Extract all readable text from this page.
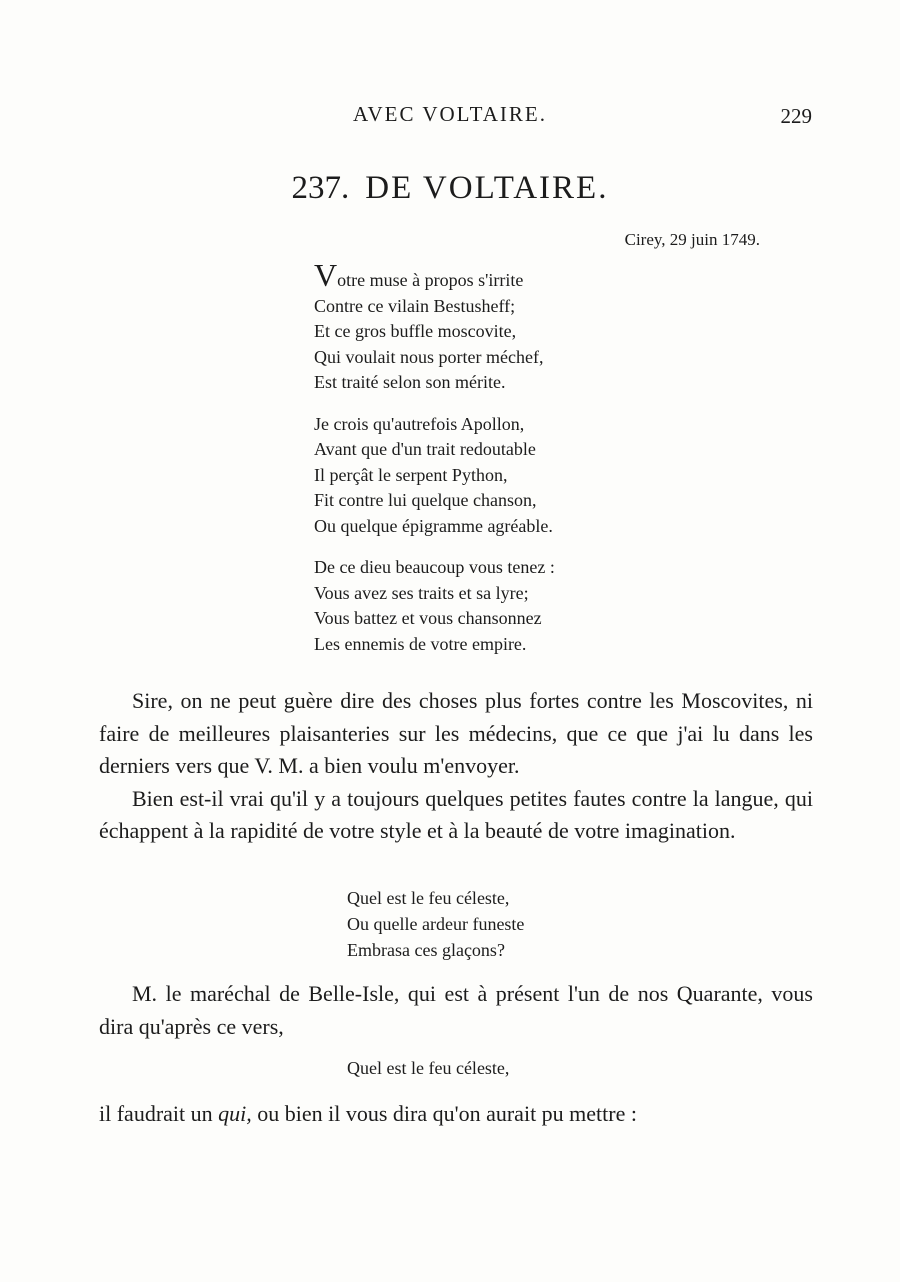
AVEC VOLTAIRE.	229
237. DE VOLTAIRE.
Cirey, 29 juin 1749.
Votre muse à propos s'irrite
Contre ce vilain Bestusheff;
Et ce gros buffle moscovite,
Qui voulait nous porter méchef,
Est traité selon son mérite.
Je crois qu'autrefois Apollon,
Avant que d'un trait redoutable
Il perçât le serpent Python,
Fit contre lui quelque chanson,
Ou quelque épigramme agréable.
De ce dieu beaucoup vous tenez :
Vous avez ses traits et sa lyre;
Vous battez et vous chansonnez
Les ennemis de votre empire.

Sire, on ne peut guère dire des choses plus fortes contre les Moscovites, ni faire de meilleures plaisanteries sur les médecins, que ce que j'ai lu dans les derniers vers que V. M. a bien voulu m'envoyer.

Bien est-il vrai qu'il y a toujours quelques petites fautes contre la langue, qui échappent à la rapidité de votre style et à la beauté de votre imagination.

Quel est le feu céleste,
Ou quelle ardeur funeste
Embrasa ces glaçons?

M. le maréchal de Belle-Isle, qui est à présent l'un de nos Quarante, vous dira qu'après ce vers,

Quel est le feu céleste,

il faudrait un qui, ou bien il vous dira qu'on aurait pu mettre :
